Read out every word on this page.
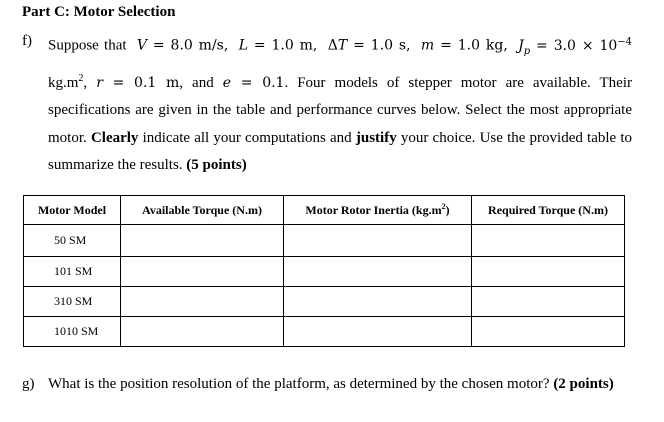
Part C: Motor Selection
f) Suppose that V = 8.0 m/s, L = 1.0 m, ΔT = 1.0 s, m = 1.0 kg, $J_p = 3.0 \times 10^{-4}$ $kg.m^2$, r = 0.1 m, and e = 0.1. Four models of stepper motor are available. Their specifications are given in the table and performance curves below. Select the most appropriate motor. Clearly indicate all your computations and justify your choice. Use the provided table to summarize the results. (5 points)
Motor Model	Available Torque (N.m)	Motor Rotor Inertia $(kg.m^2)$	Required Torque (N.m)
50 SM			
101 SM			
310 SM			
1010 SM			
g) What is the position resolution of the platform, as determined by the chosen motor? (2 points)
